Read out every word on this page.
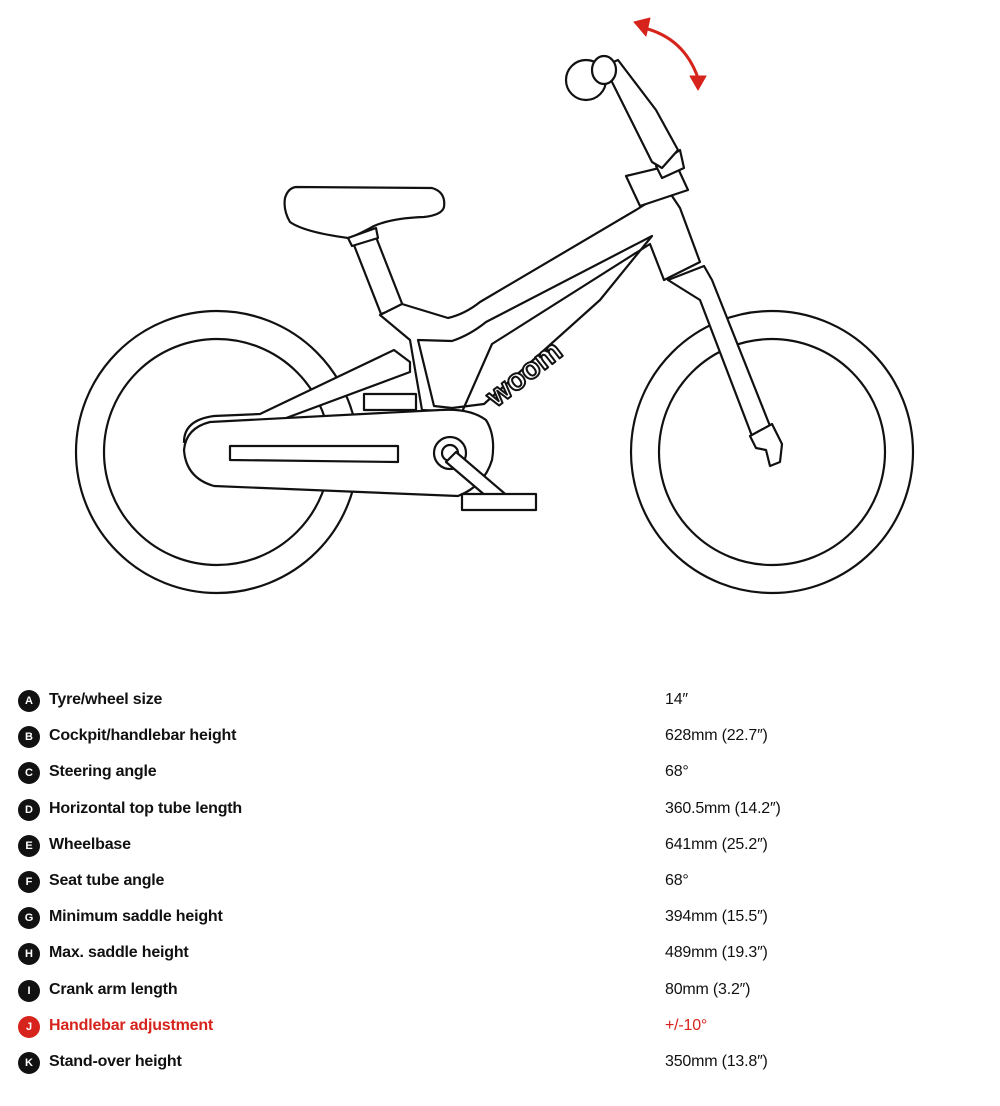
woom
A	Tyre/wheel size	14″
B	Cockpit/handlebar height	628mm (22.7″)
C	Steering angle	68°
D	Horizontal top tube length	360.5mm (14.2″)
E	Wheelbase	641mm (25.2″)
F	Seat tube angle	68°
G Minimum saddle height	394mm (15.5″)
H	Max. saddle height	489mm (19.3″)
I	Crank arm length	80mm (3.2″)
J	Handlebar adjustment	+/-10°
K	Stand-over height	350mm (13.8″)
